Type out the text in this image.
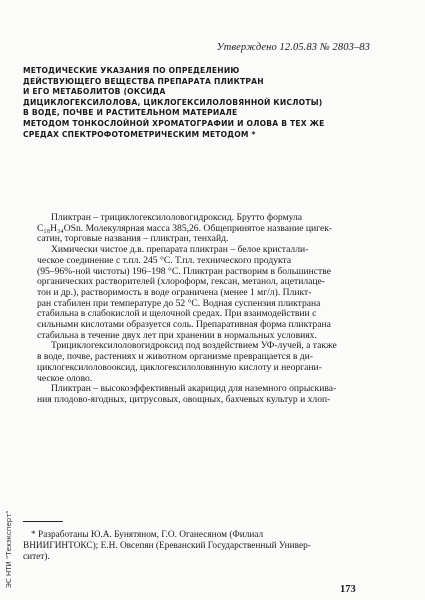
Утверждено 12.05.83 № 2803–83
МЕТОДИЧЕСКИЕ УКАЗАНИЯ ПО ОПРЕДЕЛЕНИЮ
ДЕЙСТВУЮЩЕГО ВЕЩЕСТВА ПРЕПАРАТА ПЛИКТРАН
И ЕГО МЕТАБОЛИТОВ (ОКСИДА
ДИЦИКЛОГЕКСИЛОЛОВА, ЦИКЛОГЕКСИЛОЛОВЯННОЙ КИСЛОТЫ)
В ВОДЕ, ПОЧВЕ И РАСТИТЕЛЬНОМ МАТЕРИАЛЕ
МЕТОДОМ ТОНКОСЛОЙНОЙ ХРОМАТОГРАФИИ И ОЛОВА В ТЕХ ЖЕ
СРЕДАХ СПЕКТРОФОТОМЕТРИЧЕСКИМ МЕТОДОМ *
Пликтран – трициклогексилоловогидроксид. Брутто формула
C₁₈H₃₄OSn. Молекулярная масса 385,26. Общепринятое название цигек-
сатин, торговые названия – пликтран, тенхайд.
Химически чистое д.в. препарата пликтран – белое кристалли-
ческое соединение с т.пл. 245 °С. Т.пл. технического продукта
(95–96%-ной чистоты) 196–198 °С. Пликтран растворим в большинстве
органических растворителей (хлороформ, гексан, метанол, ацетилаце-
тон и др.), растворимость в воде ограничена (менее 1 мг/л). Пликт-
ран стабилен при температуре до 52 °С. Водная суспензия пликтрана
стабильна в слабокислой и щелочной средах. При взаимодействии с
сильными кислотами образуется соль. Препаративная форма пликтрана
стабильна в течение двух лет при хранении в нормальных условиях.
Трициклогексилоловогидроксид под воздействием УФ-лучей, а также
в воде, почве, растениях и животном организме превращается в ди-
циклогексилоловооксид, циклогексилоловянную кислоту и неоргани-
ческое олово.
Пликтран – высокоэффективный акарицид для наземного опрыскива-
ния плодово-ягодных, цитрусовых, овощных, бахчевых культур и хлоп-
* Разработаны Ю.А. Бунятяном, Г.О. Оганесяном (Филиал
ВНИИГИНТОКС); Е.Н. Овсепян (Ереванский Государственный Универ-
ситет).
173
ЭС НТИ "Техэксперт"
